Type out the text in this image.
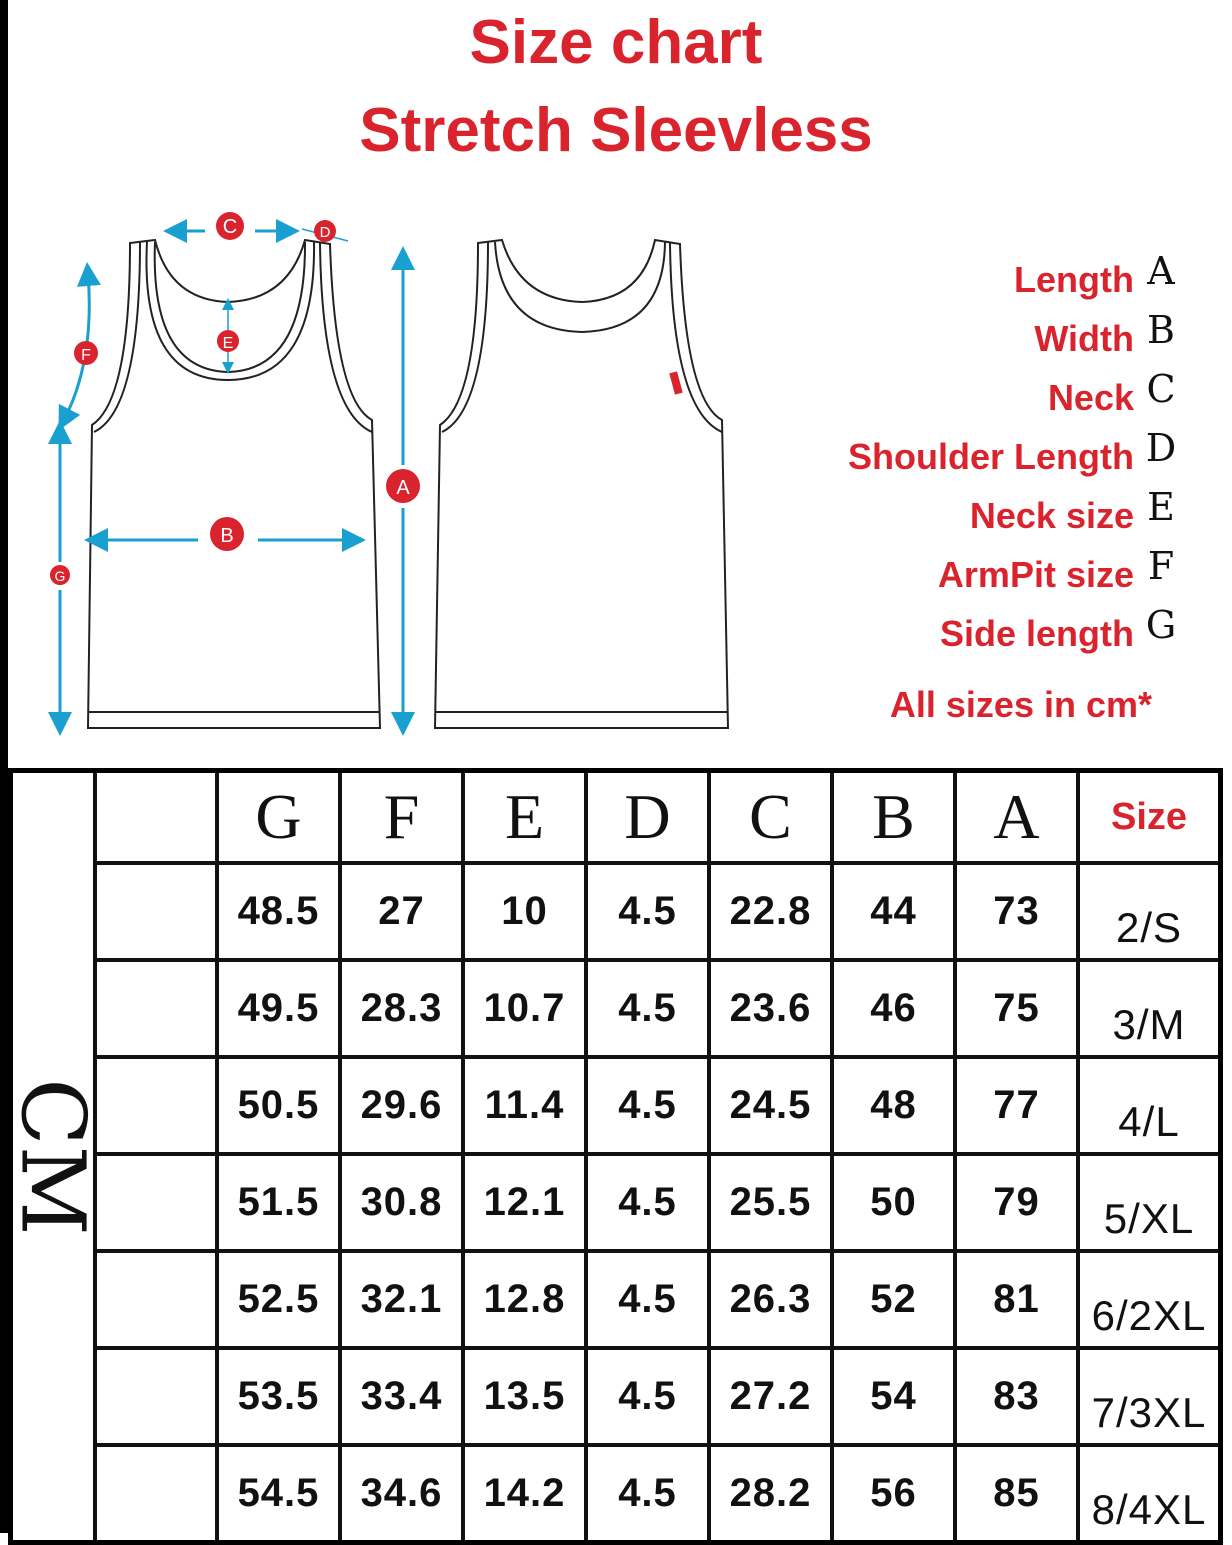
Size chart
Stretch Sleevless
C	D
E
F
G
A
B
Length A
Width B
Neck C
Shoulder Length D
Neck size E
ArmPit size F
Side length G
All sizes in cm*
CM		G	F	E	D	C	B	A	Size
		48.5	27	10	4.5	22.8	44	73	2/S
		49.5	28.3	10.7	4.5	23.6	46	75	3/M
		50.5	29.6	11.4	4.5	24.5	48	77	4/L
		51.5	30.8	12.1	4.5	25.5	50	79	5/XL
		52.5	32.1	12.8	4.5	26.3	52	81	6/2XL
		53.5	33.4	13.5	4.5	27.2	54	83	7/3XL
		54.5	34.6	14.2	4.5	28.2	56	85	8/4XL
